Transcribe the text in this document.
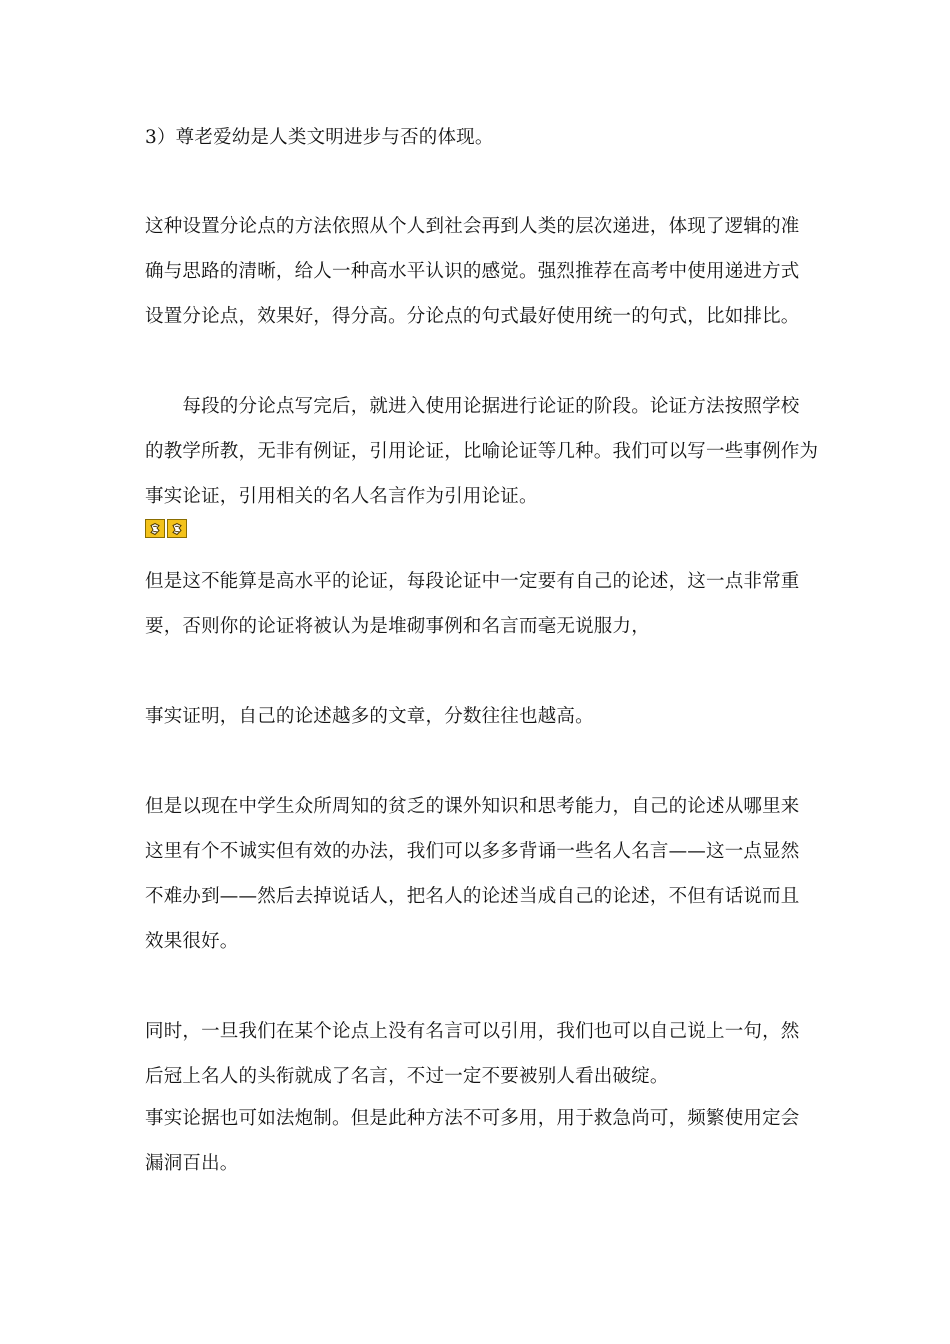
3）尊老爱幼是人类文明进步与否的体现。
这种设置分论点的方法依照从个人到社会再到人类的层次递进，体现了逻辑的准
确与思路的清晰，给人一种高水平认识的感觉。强烈推荐在高考中使用递进方式
设置分论点，效果好，得分高。分论点的句式最好使用统一的句式，比如排比。
　　每段的分论点写完后，就进入使用论据进行论证的阶段。论证方法按照学校
的教学所教，无非有例证，引用论证，比喻论证等几种。我们可以写一些事例作为
事实论证，引用相关的名人名言作为引用论证。
但是这不能算是高水平的论证，每段论证中一定要有自己的论述，这一点非常重
要，否则你的论证将被认为是堆砌事例和名言而毫无说服力，
事实证明，自己的论述越多的文章，分数往往也越高。
但是以现在中学生众所周知的贫乏的课外知识和思考能力，自己的论述从哪里来
这里有个不诚实但有效的办法，我们可以多多背诵一些名人名言——这一点显然
不难办到——然后去掉说话人，把名人的论述当成自己的论述，不但有话说而且
效果很好。
同时，一旦我们在某个论点上没有名言可以引用，我们也可以自己说上一句，然
后冠上名人的头衔就成了名言，不过一定不要被别人看出破绽。
事实论据也可如法炮制。但是此种方法不可多用，用于救急尚可，频繁使用定会
漏洞百出。
